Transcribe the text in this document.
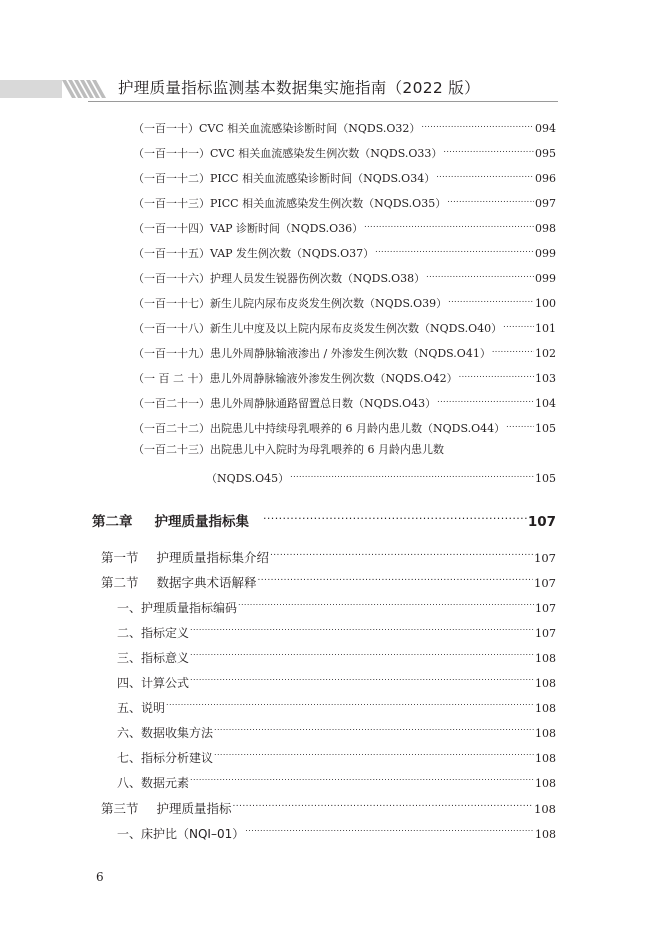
护理质量指标监测基本数据集实施指南（2022 版）
（一百一十）CVC 相关血流感染诊断时间（NQDS.O32） .....	094
（一百一十一）CVC 相关血流感染发生例次数（NQDS.O33） .....	095
（一百一十二）PICC 相关血流感染诊断时间（NQDS.O34） .....	096
（一百一十三）PICC 相关血流感染发生例次数（NQDS.O35） .....	097
（一百一十四）VAP 诊断时间（NQDS.O36） .....	098
（一百一十五）VAP 发生例次数（NQDS.O37） .....	099
（一百一十六）护理人员发生锐器伤例次数（NQDS.O38） .....	099
（一百一十七）新生儿院内尿布皮炎发生例次数（NQDS.O39） .....	100
（一百一十八）新生儿中度及以上院内尿布皮炎发生例次数（NQDS.O40） .....	101
（一百一十九）患儿外周静脉输液渗出 / 外渗发生例次数（NQDS.O41） .....	102
（一 百 二 十）患儿外周静脉输液外渗发生例次数（NQDS.O42） .....	103
（一百二十一）患儿外周静脉通路留置总日数（NQDS.O43） .....	104
（一百二十二）出院患儿中持续母乳喂养的 6 月龄内患儿数（NQDS.O44） .....	105
（一百二十三）出院患儿中入院时为母乳喂养的 6 月龄内患儿数
（NQDS.O45） .....	105
第二章 护理质量指标集 .....	107
第一节 护理质量指标集介绍 .....	107
第二节 数据字典术语解释 .....	107
一、护理质量指标编码 .....	107
二、指标定义 .....	107
三、指标意义 .....	108
四、计算公式 .....	108
五、说明 .....	108
六、数据收集方法 .....	108
七、指标分析建议 .....	108
八、数据元素 .....	108
第三节 护理质量指标 .....	108
一、床护比（NQI–01） .....	108
6
